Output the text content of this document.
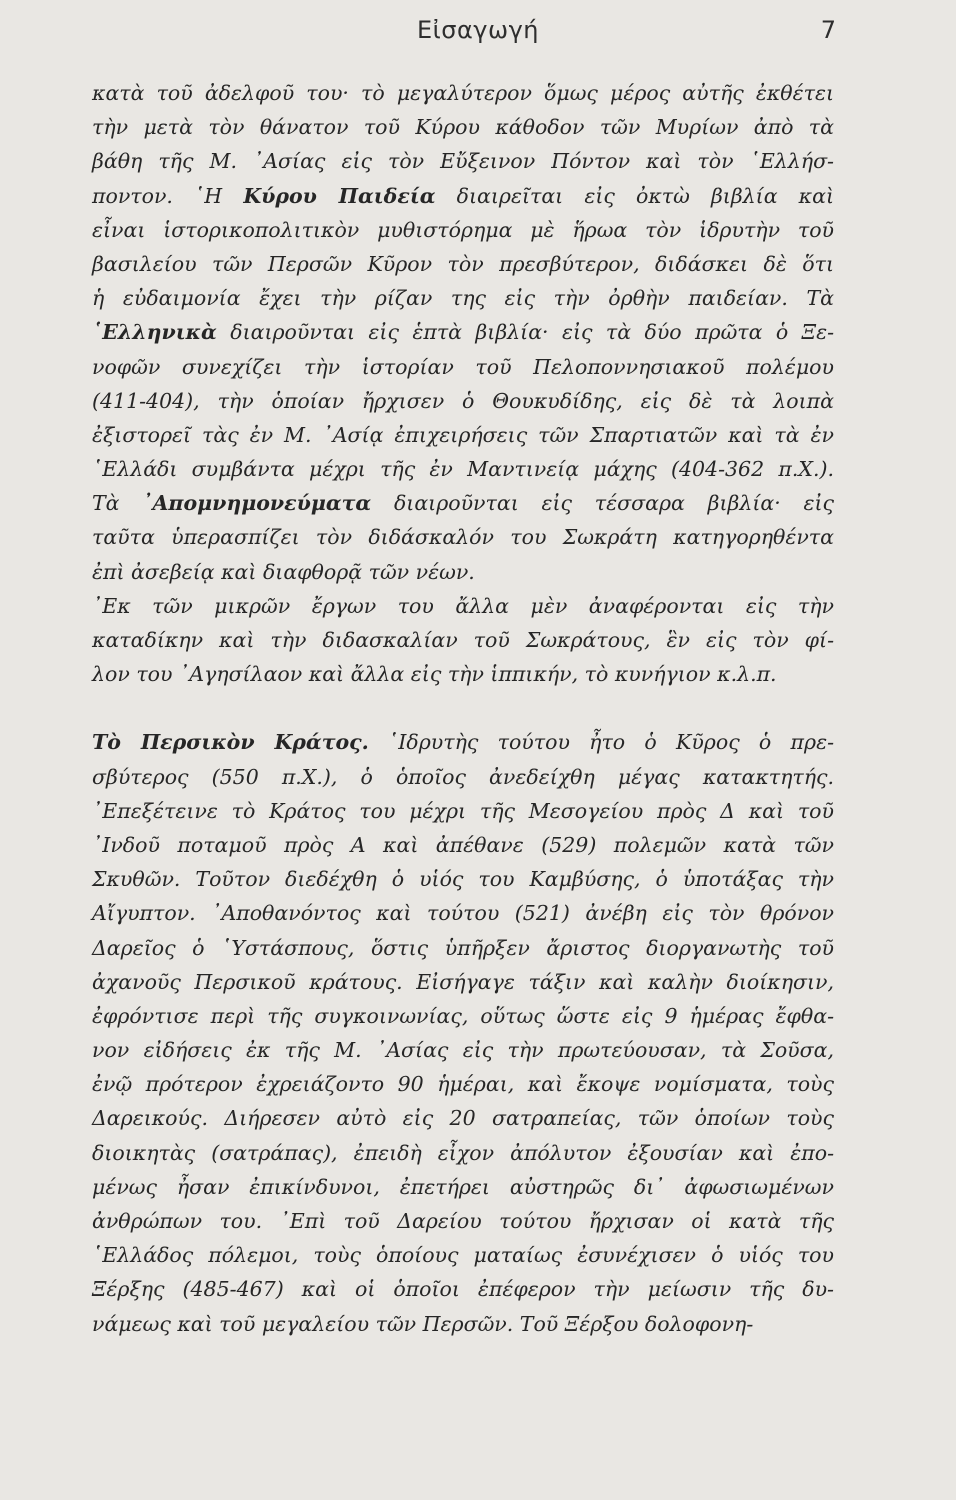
Εἰσαγωγή	7
κατὰ τοῦ ἀδελφοῦ του· τὸ μεγαλύτερον ὅμως μέρος αὐτῆς ἐκθέτει
τὴν μετὰ τὸν θάνατον τοῦ Κύρου κάθοδον τῶν Μυρίων ἀπὸ τὰ
βάθη τῆς Μ. ᾿Ασίας εἰς τὸν Εὔξεινον Πόντον καὶ τὸν ῾Ελλήσ-
ποντον. ῾Η Κύρου Παιδεία διαιρεῖται εἰς ὀκτὼ βιβλία καὶ
εἶναι ἱστορικοπολιτικὸν μυθιστόρημα μὲ ἥρωα τὸν ἱδρυτὴν τοῦ
βασιλείου τῶν Περσῶν Κῦρον τὸν πρεσβύτερον, διδάσκει δὲ ὅτι
ἡ εὐδαιμονία ἔχει τὴν ρίζαν της εἰς τὴν ὀρθὴν παιδείαν. Τὰ
῾Ελληνικὰ διαιροῦνται εἰς ἑπτὰ βιβλία· εἰς τὰ δύο πρῶτα ὁ Ξε-
νοφῶν συνεχίζει τὴν ἱστορίαν τοῦ Πελοποννησιακοῦ πολέμου
(411-404), τὴν ὁποίαν ἤρχισεν ὁ Θουκυδίδης, εἰς δὲ τὰ λοιπὰ
ἐξιστορεῖ τὰς ἐν Μ. ᾿Ασίᾳ ἐπιχειρήσεις τῶν Σπαρτιατῶν καὶ τὰ ἐν
῾Ελλάδι συμβάντα μέχρι τῆς ἐν Μαντινείᾳ μάχης (404-362 π.Χ.).
Τὰ ᾿Απομνημονεύματα διαιροῦνται εἰς τέσσαρα βιβλία· εἰς
ταῦτα ὑπερασπίζει τὸν διδάσκαλόν του Σωκράτη κατηγορηθέντα
ἐπὶ ἀσεβείᾳ καὶ διαφθορᾷ τῶν νέων.
᾿Εκ τῶν μικρῶν ἔργων του ἄλλα μὲν ἀναφέρονται εἰς τὴν
καταδίκην καὶ τὴν διδασκαλίαν τοῦ Σωκράτους, ἓν εἰς τὸν φί-
λον του ᾿Αγησίλαον καὶ ἄλλα εἰς τὴν ἱππικήν, τὸ κυνήγιον κ.λ.π.
Τὸ Περσικὸν Κράτος. ῾Ιδρυτὴς τούτου ἦτο ὁ Κῦρος ὁ πρε-
σβύτερος (550 π.Χ.), ὁ ὁποῖος ἀνεδείχθη μέγας κατακτητής.
᾿Επεξέτεινε τὸ Κράτος του μέχρι τῆς Μεσογείου πρὸς Δ καὶ τοῦ
᾿Ινδοῦ ποταμοῦ πρὸς Α καὶ ἀπέθανε (529) πολεμῶν κατὰ τῶν
Σκυθῶν. Τοῦτον διεδέχθη ὁ υἱός του Καμβύσης, ὁ ὑποτάξας τὴν
Αἴγυπτον. ᾿Αποθανόντος καὶ τούτου (521) ἀνέβη εἰς τὸν θρόνον
Δαρεῖος ὁ ῾Υστάσπους, ὅστις ὑπῆρξεν ἄριστος διοργανωτὴς τοῦ
ἀχανοῦς Περσικοῦ κράτους. Εἰσήγαγε τάξιν καὶ καλὴν διοίκησιν,
ἐφρόντισε περὶ τῆς συγκοινωνίας, οὕτως ὥστε εἰς 9 ἡμέρας ἔφθα-
νον εἰδήσεις ἐκ τῆς Μ. ᾿Ασίας εἰς τὴν πρωτεύουσαν, τὰ Σοῦσα,
ἐνῷ πρότερον ἐχρειάζοντο 90 ἡμέραι, καὶ ἔκοψε νομίσματα, τοὺς
Δαρεικούς. Διήρεσεν αὐτὸ εἰς 20 σατραπείας, τῶν ὁποίων τοὺς
διοικητὰς (σατράπας), ἐπειδὴ εἶχον ἀπόλυτον ἐξουσίαν καὶ ἐπο-
μένως ἦσαν ἐπικίνδυνοι, ἐπετήρει αὐστηρῶς δι᾿ ἀφωσιωμένων
ἀνθρώπων του. ᾿Επὶ τοῦ Δαρείου τούτου ἤρχισαν οἱ κατὰ τῆς
῾Ελλάδος πόλεμοι, τοὺς ὁποίους ματαίως ἐσυνέχισεν ὁ υἱός του
Ξέρξης (485-467) καὶ οἱ ὁποῖοι ἐπέφερον τὴν μείωσιν τῆς δυ-
νάμεως καὶ τοῦ μεγαλείου τῶν Περσῶν. Τοῦ Ξέρξου δολοφονη-
